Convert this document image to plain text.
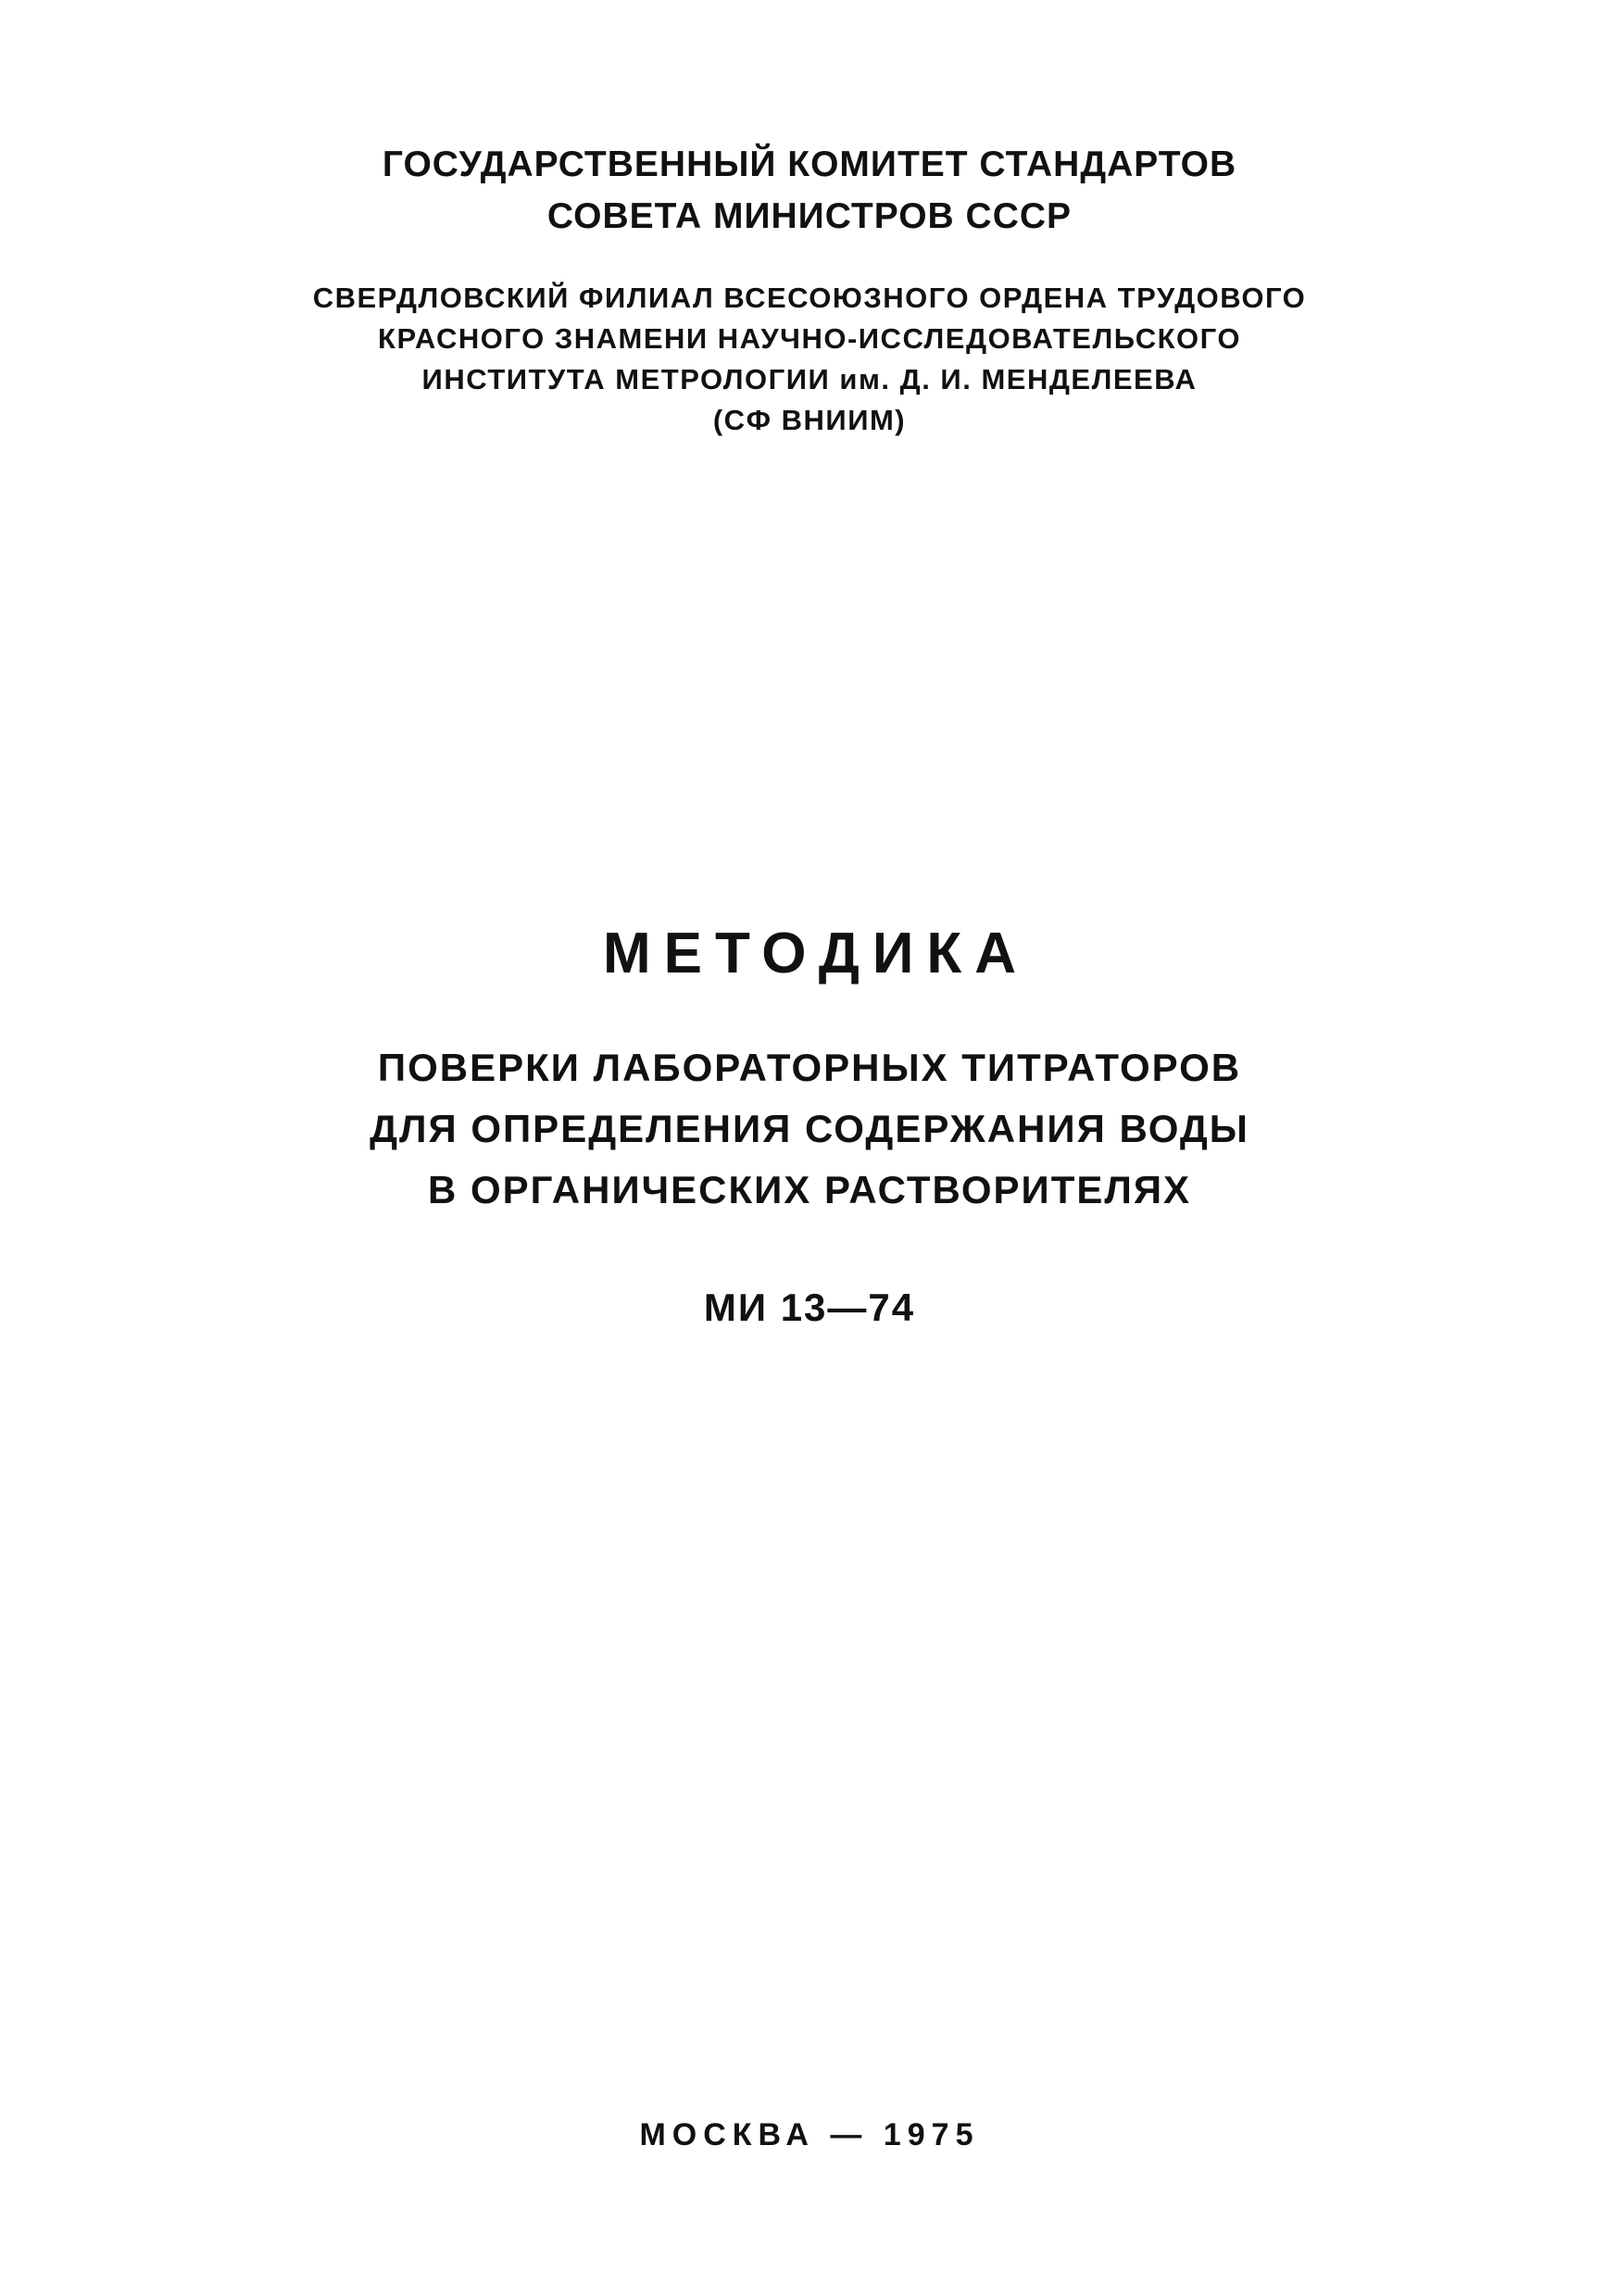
ГОСУДАРСТВЕННЫЙ КОМИТЕТ СТАНДАРТОВ
СОВЕТА МИНИСТРОВ СССР
СВЕРДЛОВСКИЙ ФИЛИАЛ ВСЕСОЮЗНОГО ОРДЕНА ТРУДОВОГО
КРАСНОГО ЗНАМЕНИ НАУЧНО-ИССЛЕДОВАТЕЛЬСКОГО
ИНСТИТУТА МЕТРОЛОГИИ им. Д. И. МЕНДЕЛЕЕВА
(СФ ВНИИМ)
МЕТОДИКА
ПОВЕРКИ ЛАБОРАТОРНЫХ ТИТРАТОРОВ
ДЛЯ ОПРЕДЕЛЕНИЯ СОДЕРЖАНИЯ ВОДЫ
В ОРГАНИЧЕСКИХ РАСТВОРИТЕЛЯХ
МИ 13—74
МОСКВА — 1975
